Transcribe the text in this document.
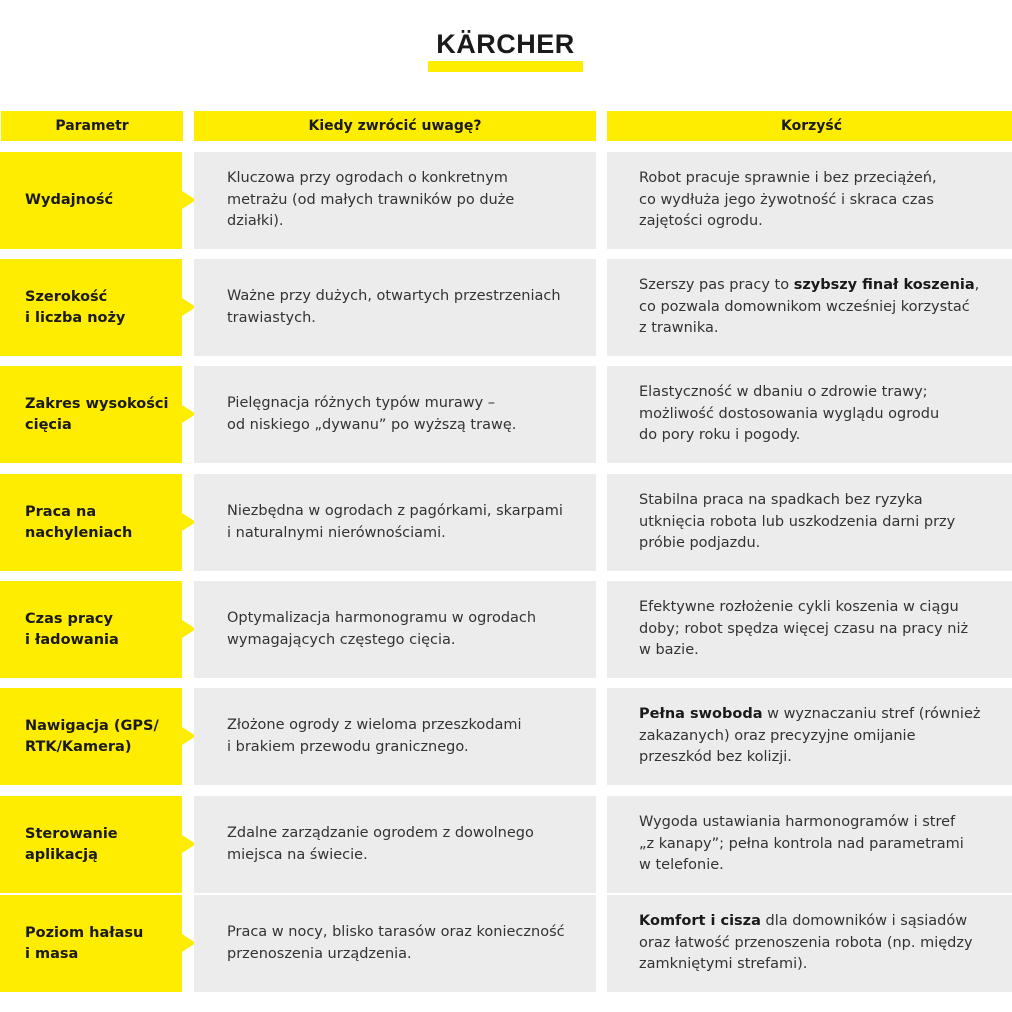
KÄRCHER
Parametr	Kiedy zwrócić uwagę?	Korzyść
Wydajność
Kluczowa przy ogrodach o konkretnym
metrażu (od małych trawników po duże
działki).
Robot pracuje sprawnie i bez przeciążeń,
co wydłuża jego żywotność i skraca czas
zajętości ogrodu.
Szerokość
i liczba noży
Ważne przy dużych, otwartych przestrzeniach
trawiastych.
Szerszy pas pracy to szybszy finał koszenia,
co pozwala domownikom wcześniej korzystać
z trawnika.
Zakres wysokości
cięcia
Pielęgnacja różnych typów murawy –
od niskiego „dywanu” po wyższą trawę.
Elastyczność w dbaniu o zdrowie trawy;
możliwość dostosowania wyglądu ogrodu
do pory roku i pogody.
Praca na
nachyleniach
Niezbędna w ogrodach z pagórkami, skarpami
i naturalnymi nierównościami.
Stabilna praca na spadkach bez ryzyka
utknięcia robota lub uszkodzenia darni przy
próbie podjazdu.
Czas pracy
i ładowania
Optymalizacja harmonogramu w ogrodach
wymagających częstego cięcia.
Efektywne rozłożenie cykli koszenia w ciągu
doby; robot spędza więcej czasu na pracy niż
w bazie.
Nawigacja (GPS/
RTK/Kamera)
Złożone ogrody z wieloma przeszkodami
i brakiem przewodu granicznego.
Pełna swoboda w wyznaczaniu stref (również
zakazanych) oraz precyzyjne omijanie
przeszkód bez kolizji.
Sterowanie
aplikacją
Zdalne zarządzanie ogrodem z dowolnego
miejsca na świecie.
Wygoda ustawiania harmonogramów i stref
„z kanapy”; pełna kontrola nad parametrami
w telefonie.
Poziom hałasu
i masa
Praca w nocy, blisko tarasów oraz konieczność
przenoszenia urządzenia.
Komfort i cisza dla domowników i sąsiadów
oraz łatwość przenoszenia robota (np. między
zamkniętymi strefami).
